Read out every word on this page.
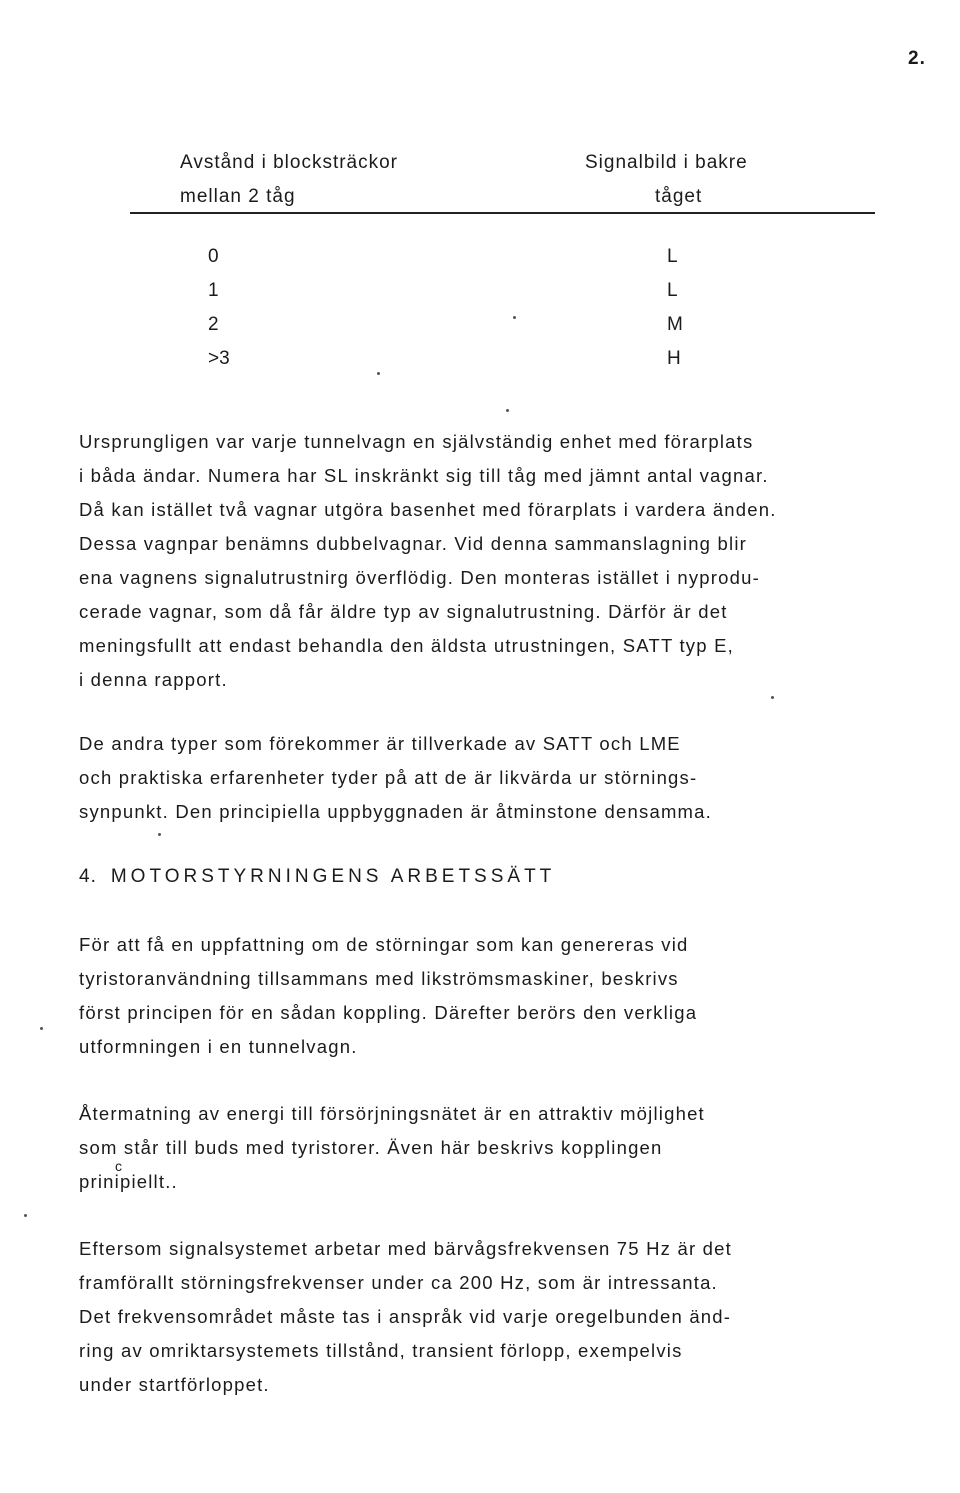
2.
Avstånd i blocksträckor
mellan 2 tåg
Signalbild i bakre
tåget
0	L
1	L
2	M
>3	H
Ursprungligen var varje tunnelvagn en självständig enhet med förarplats
i båda ändar. Numera har SL inskränkt sig till tåg med jämnt antal vagnar.
Då kan istället två vagnar utgöra basenhet med förarplats i vardera änden.
Dessa vagnpar benämns dubbelvagnar. Vid denna sammanslagning blir
ena vagnens signalutrustnirg överflödig. Den monteras istället i nyprodu-
cerade vagnar, som då får äldre typ av signalutrustning. Därför är det
meningsfullt att endast behandla den äldsta utrustningen, SATT typ E,
i denna rapport.
De andra typer som förekommer är tillverkade av SATT och LME
och praktiska erfarenheter tyder på att de är likvärda ur störnings-
synpunkt. Den principiella uppbyggnaden är åtminstone densamma.
4. MOTORSTYRNINGENS ARBETSSÄTT
För att få en uppfattning om de störningar som kan genereras vid
tyristoranvändning tillsammans med likströmsmaskiner, beskrivs
först principen för en sådan koppling. Därefter berörs den verkliga
utformningen i en tunnelvagn.
Återmatning av energi till försörjningsnätet är en attraktiv möjlighet
som står till buds med tyristorer. Även här beskrivs kopplingen
c
prinipiellt..
Eftersom signalsystemet arbetar med bärvågsfrekvensen 75 Hz är det
framförallt störningsfrekvenser under ca 200 Hz, som är intressanta.
Det frekvensområdet måste tas i anspråk vid varje oregelbunden änd-
ring av omriktarsystemets tillstånd, transient förlopp, exempelvis
under startförloppet.
